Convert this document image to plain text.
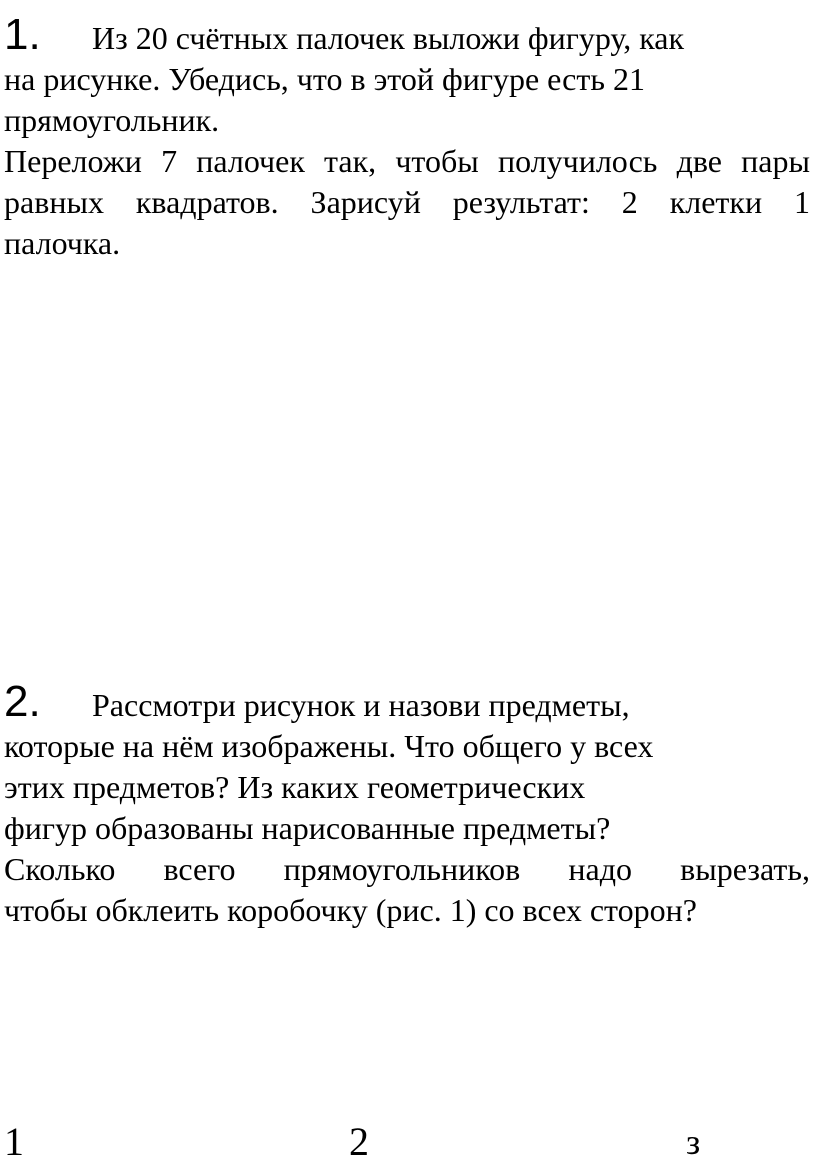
1. Из 20 счётных палочек выложи фигуру, как
на рисунке. Убедись, что в этой фигуре есть 21
прямоугольник.
Переложи 7 палочек так, чтобы получилось две пары
равных квадратов. Зарисуй результат: 2 клетки 1
палочка.
2. Рассмотри рисунок и назови предметы,
которые на нём изображены. Что общего у всех
этих предметов? Из каких геометрических
фигур образованы нарисованные предметы?
Сколько всего прямоугольников надо вырезать,
чтобы обклеить коробочку (рис. 1) со всех сторон?
1	2	з
